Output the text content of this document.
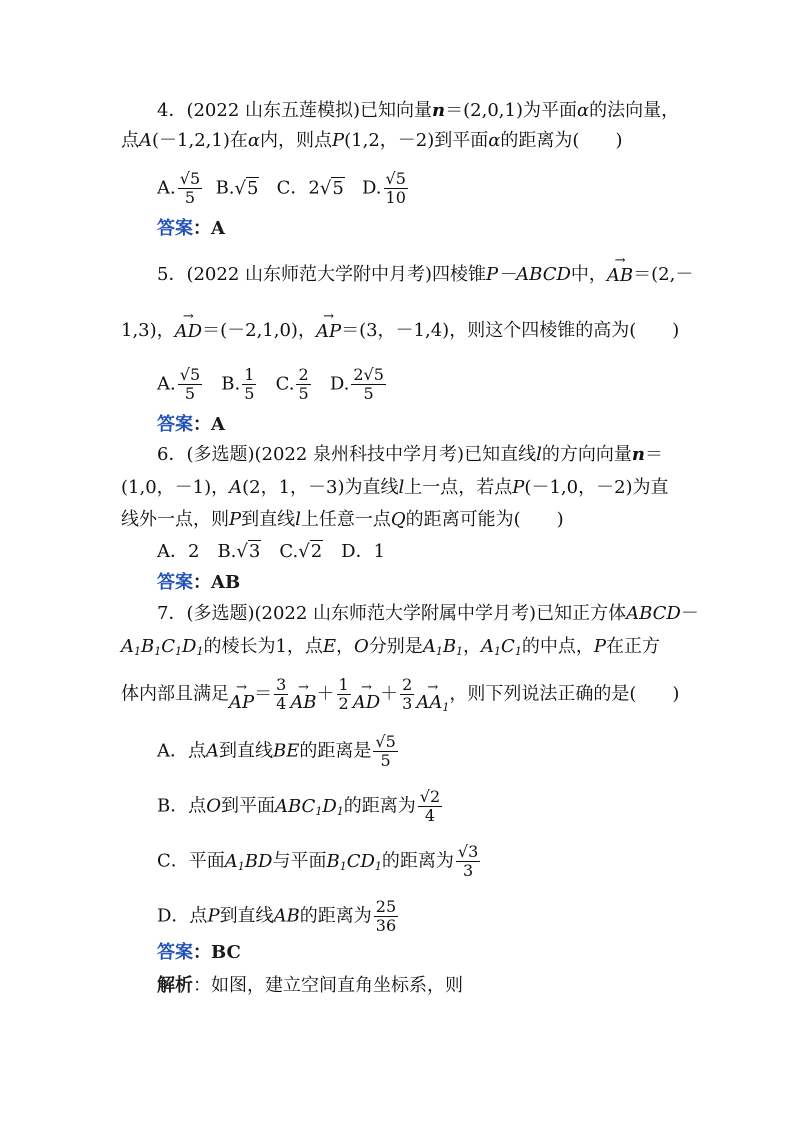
4．(2022 山东五莲模拟)已知向量n＝(2,0,1)为平面α的法向量，
点A(－1,2,1)在α内，则点P(1,2，－2)到平面α的距离为(　　)
A. $\frac{√5}{5} B.√5$ C．2√5 D. $\frac{√5}{10}$
答案：A
5．(2022 山东师范大学附中月考)四棱锥P－ABCD中，
→
AB ＝(2,－
1,3)，
→
AD ＝(－2,1,0)，
→
AP ＝(3，－1,4)，则这个四棱锥的高为(　　)
A. $\frac{√5}{5} B$. $\frac{1}{5} C$. $\frac{2}{5} D$. $\frac{2√5}{5}$
答案：A
6．(多选题)(2022 泉州科技中学月考)已知直线l的方向向量n＝
(1,0，－1)，A(2，1，－3)为直线l上一点，若点P(－1,0，－2)为直
线外一点，则P到直线l上任意一点Q的距离可能为(　　)
A．2　B.√3　C.√2　D．1
答案：AB
7．(多选题)(2022 山东师范大学附属中学月考)已知正方体ABCD－
$A_1B_1C_1D_1$的棱长为1，点E，O分别是$A_1B_1$，$A_1C_1$的中点，P在正方
体内部且满足 →
AP ＝ $\frac{3}{4}$ →
AB ＋ $\frac{1}{2}$ →
AD ＋ $\frac{2}{3}$ →
$AA_1$
，则下列说法正确的是(　　)
A．点A到直线BE的距离是 $\frac{√5}{5}$
B．点O到平面$ABC_1D_1$的距离为 $\frac{√2}{4}$
C．平面$A_1BD$与平面$B_1CD_1$的距离为 $\frac{√3}{3}$
D．点P到直线AB的距离为 $\frac{25}{36}$
答案：BC
解析：如图，建立空间直角坐标系，则
